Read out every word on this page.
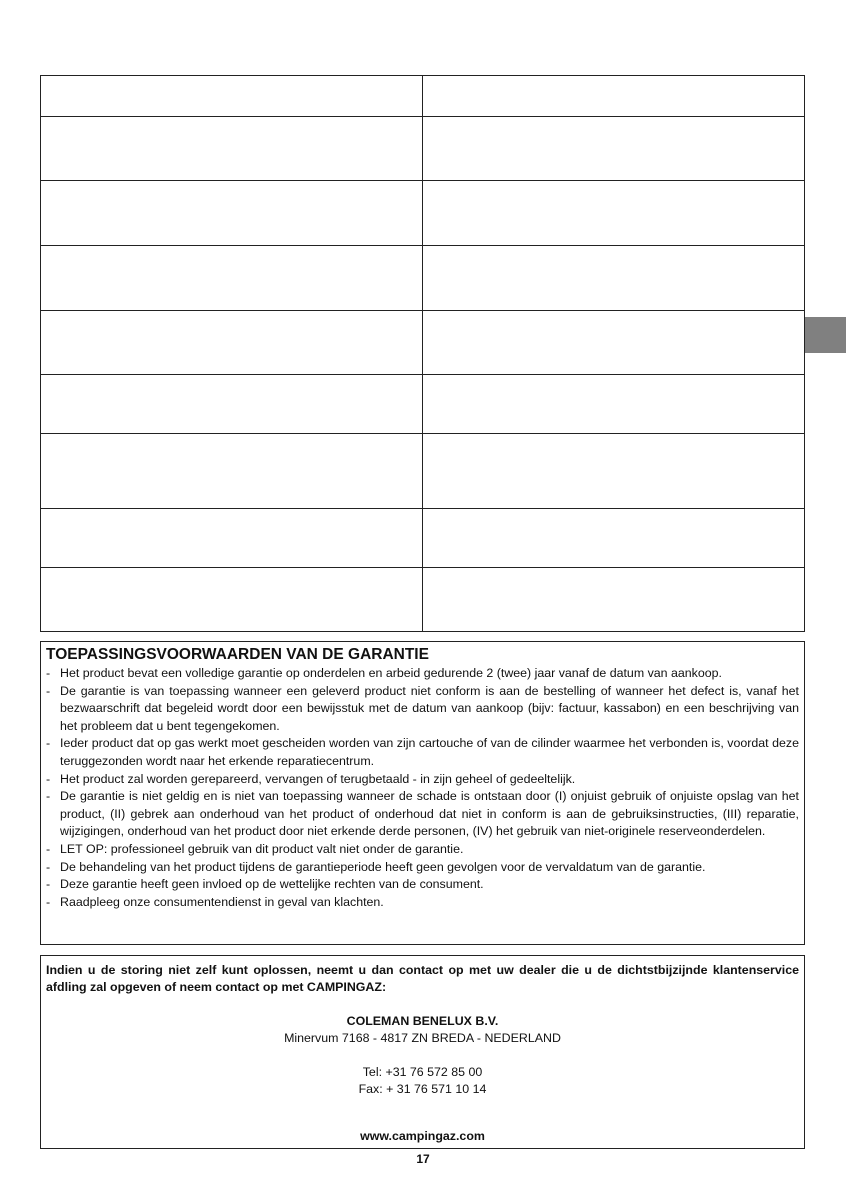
TOEPASSINGSVOORWAARDEN VAN DE GARANTIE
- Het product bevat een volledige garantie op onderdelen en arbeid gedurende 2 (twee) jaar vanaf de datum van aankoop.
- De garantie is van toepassing wanneer een geleverd product niet conform is aan de bestelling of wanneer het defect is, vanaf het bezwaarschrift dat begeleid wordt door een bewijsstuk met de datum van aankoop (bijv: factuur, kassabon) en een beschrijving van het probleem dat u bent tegengekomen.
- Ieder product dat op gas werkt moet gescheiden worden van zijn cartouche of van de cilinder waarmee het verbonden is, voordat deze teruggezonden wordt naar het erkende reparatiecentrum.
- Het product zal worden gerepareerd, vervangen of terugbetaald - in zijn geheel of gedeeltelijk.
- De garantie is niet geldig en is niet van toepassing wanneer de schade is ontstaan door (I) onjuist gebruik of onjuiste opslag van het product, (II) gebrek aan onderhoud van het product of onderhoud dat niet in conform is aan de gebruiksinstructies, (III) reparatie, wijzigingen, onderhoud van het product door niet erkende derde personen, (IV) het gebruik van niet-originele reserveonderdelen.
- LET OP: professioneel gebruik van dit product valt niet onder de garantie.
- De behandeling van het product tijdens de garantieperiode heeft geen gevolgen voor de vervaldatum van de garantie.
- Deze garantie heeft geen invloed op de wettelijke rechten van de consument.
- Raadpleeg onze consumentendienst in geval van klachten.

Indien u de storing niet zelf kunt oplossen, neemt u dan contact op met uw dealer die u de dichtstbijzijnde klantenservice afdling zal opgeven of neem contact op met CAMPINGAZ:

COLEMAN BENELUX B.V.

Minervum 7168 - 4817 ZN BREDA - NEDERLAND

Tel: +31 76 572 85 00

Fax: + 31 76 571 10 14

www.campingaz.com

17
